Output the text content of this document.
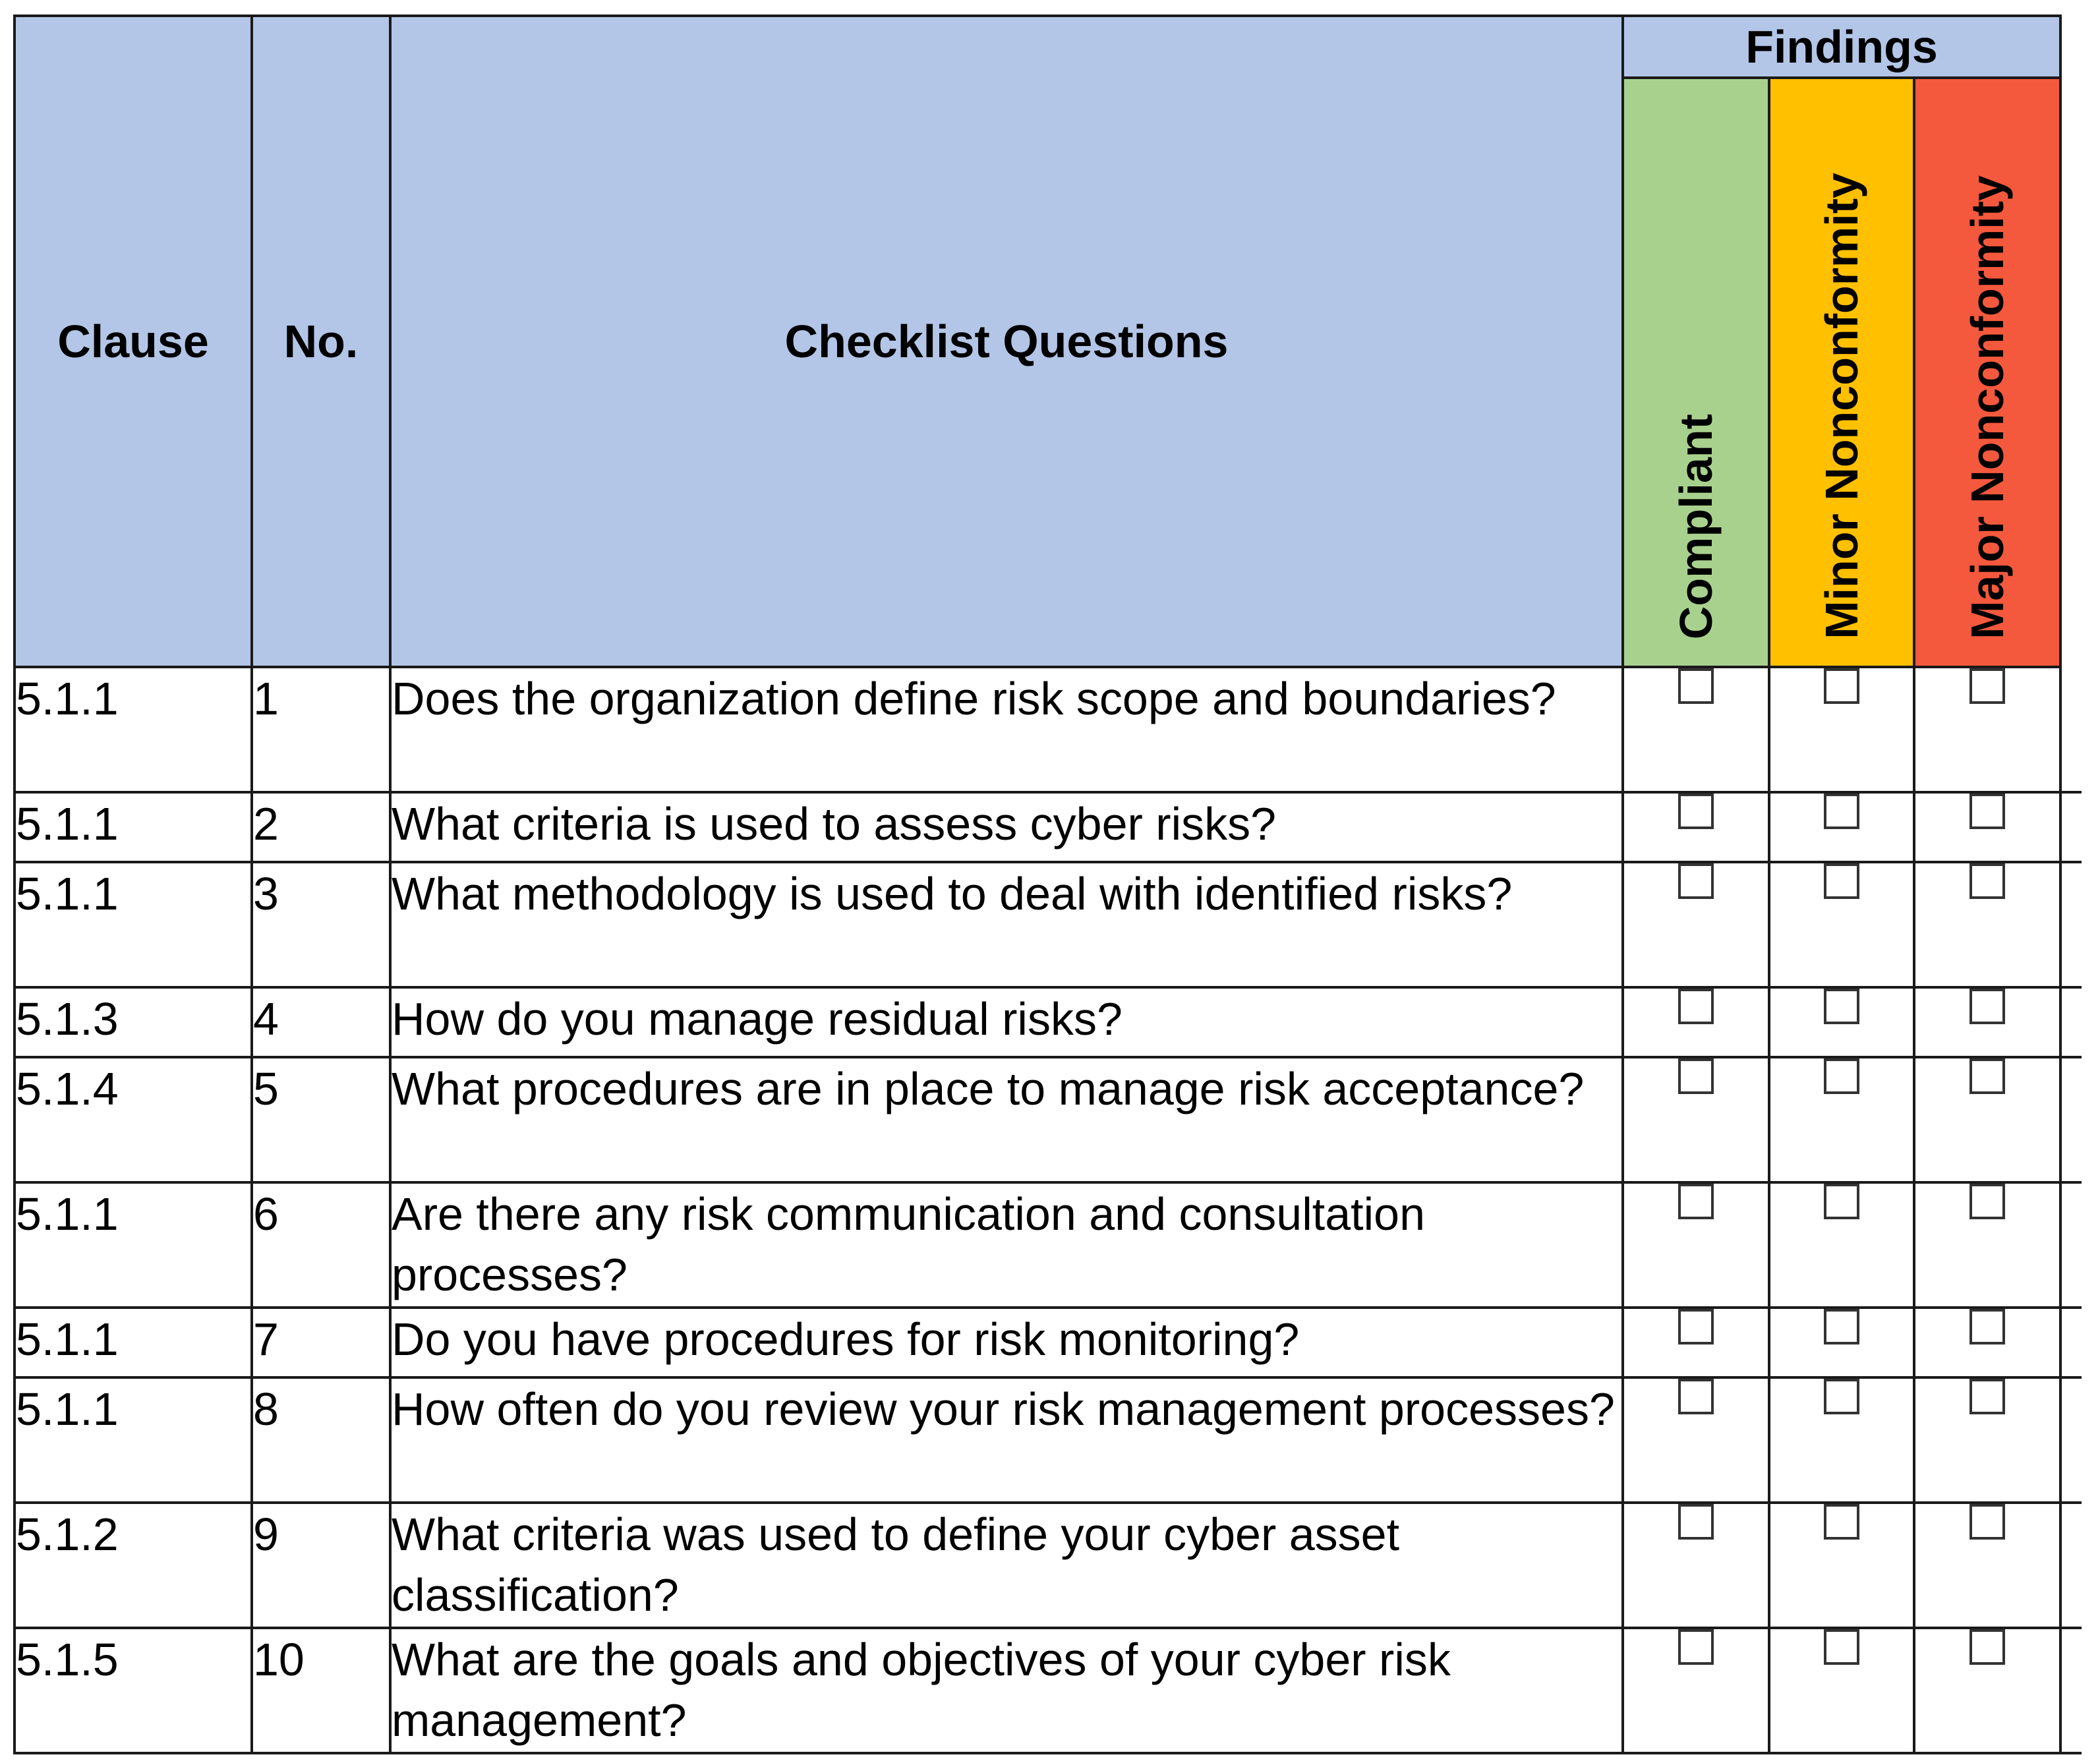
Clause	No.	Checklist Questions	Findings			

			Compliant	Minor Nonconformity	Major Nonconformity	

5.1.1	1	Does the organization define risk scope and boundaries?				
5.1.1	2	What criteria is used to assess cyber risks?				
5.1.1	3	What methodology is used to deal with identified risks?				
5.1.3	4	How do you manage residual risks?				
5.1.4	5	What procedures are in place to manage risk acceptance?				
5.1.1	6	Are there any risk communication and consultation processes?				
5.1.1	7	Do you have procedures for risk monitoring?				
5.1.1	8	How often do you review your risk management processes?				
5.1.2	9	What criteria was used to define your cyber asset classification?				
5.1.5	10	What are the goals and objectives of your cyber risk management?				
